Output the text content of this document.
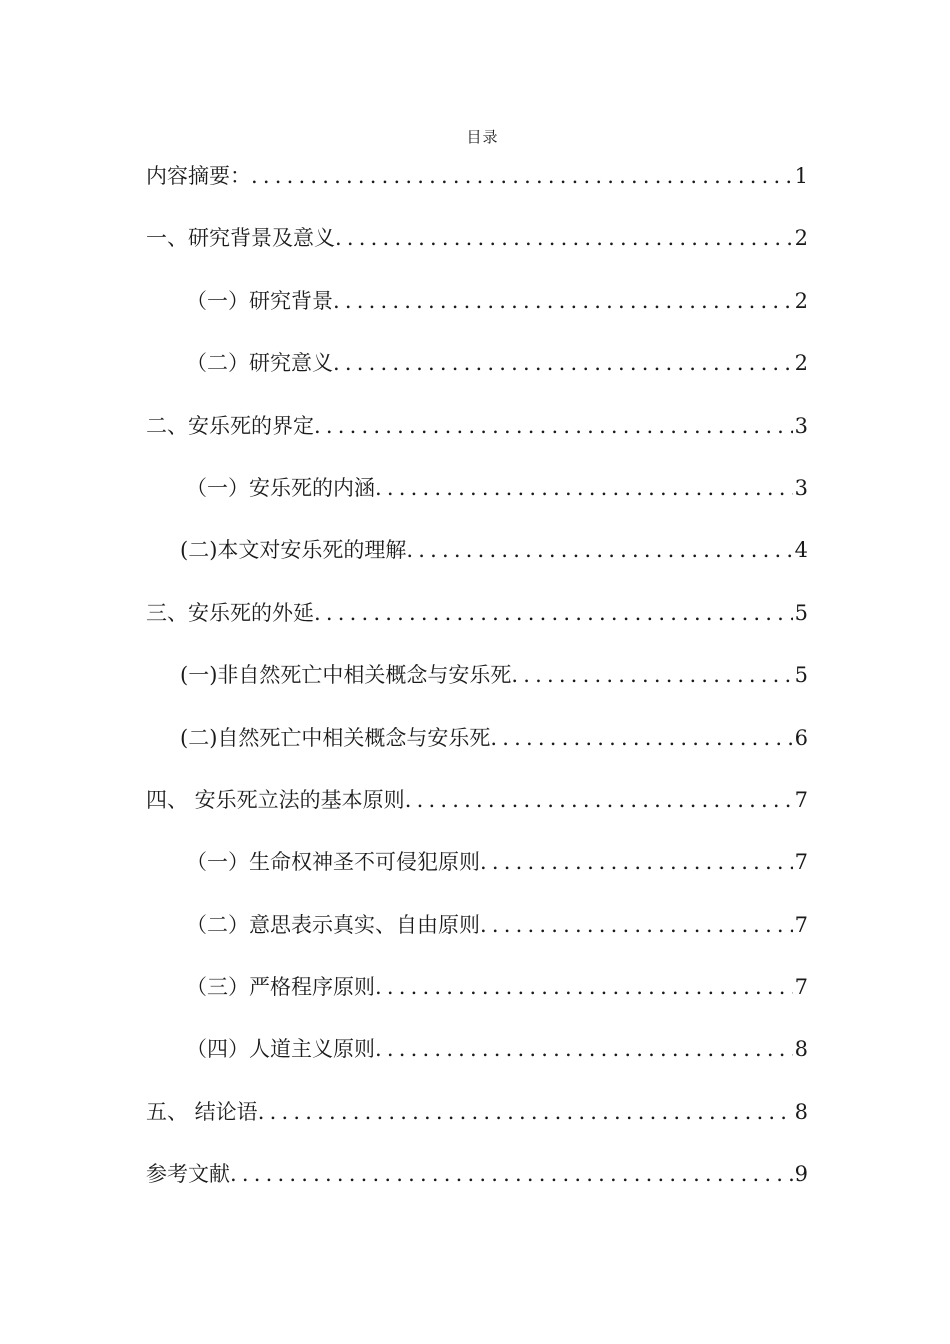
目录
内容摘要： .....	1
一、研究背景及意义 .....	2
（一）研究背景 .....	2
（二）研究意义 .....	2
二、安乐死的界定 .....	3
（一）安乐死的内涵 .....	3
(二)本文对安乐死的理解 .....	4
三、安乐死的外延 .....	5
(一)非自然死亡中相关概念与安乐死 .....	5
(二)自然死亡中相关概念与安乐死 .....	6
四、 安乐死立法的基本原则 .....	7
（一）生命权神圣不可侵犯原则 .....	7
（二）意思表示真实、自由原则 .....	7
（三）严格程序原则 .....	7
（四）人道主义原则 .....	8
五、 结论语 .....	8
参考文献 .....	9
